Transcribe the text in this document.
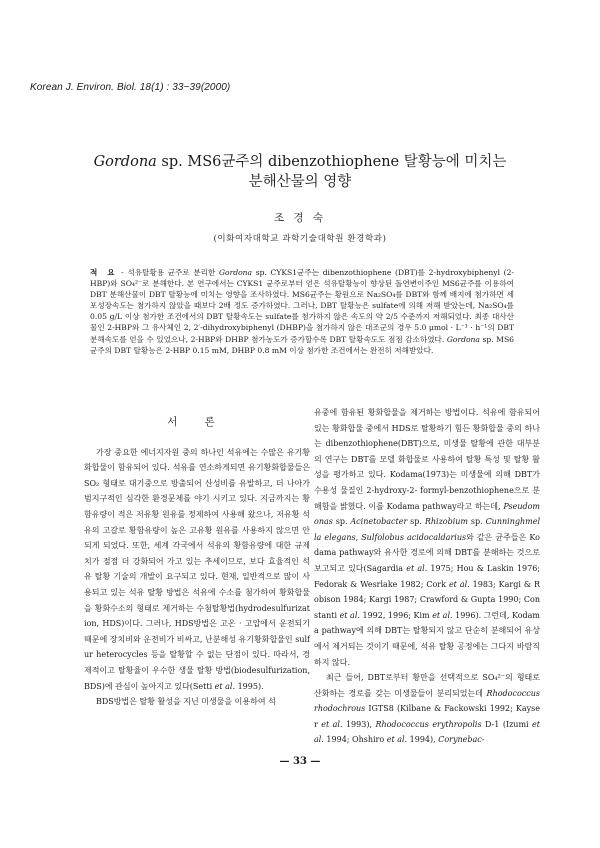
Korean J. Environ. Biol. 18(1) : 33~39(2000)
Gordona sp. MS6균주의 dibenzothiophene 탈황능에 미치는
분해산물의 영향
조 경 숙
(이화여자대학교 과학기술대학원 환경학과)
적 요 - 석유탈황용 균주로 분리한 Gordona sp. CYKS1균주는 dibenzothiophene (DBT)를 2-hydroxybiphenyl (2-HBP)와 SO₄²⁻로 분해한다. 본 연구에서는 CYKS1 균주로부터 얻은 석유탈황능이 향상된 돌연변이주인 MS6균주를 이용하여 DBT 분해산물이 DBT 탈황능에 미치는 영향을 조사하였다. MS6균주는 황원으로 Na₂SO₄를 DBT와 함께 배지에 첨가하면 세포성장속도는 첨가하지 않았을 때보다 2배 정도 증가하였다. 그러나, DBT 탈황능은 sulfate에 의해 저해 받았는데, Na₂SO₄를 0.05 g/L 이상 첨가한 조건에서의 DBT 탈황속도는 sulfate를 첨가하지 않은 속도의 약 2/5 수준까지 저해되었다. 최종 대사산물인 2-HBP와 그 유사체인 2, 2′-dihydroxybiphenyl (DHBP)을 첨가하지 않은 대조군의 경우 5.0 μmol · L⁻¹ · h⁻¹의 DBT 분해속도를 얻을 수 있었으나, 2-HBP와 DHBP 첨가농도가 증가할수록 DBT 탈황속도도 점점 감소하였다. Gordona sp. MS6균주의 DBT 탈황능은 2-HBP 0.15 mM, DHBP 0.8 mM 이상 첨가한 조건에서는 완전히 저해받았다.
서 론

가장 중요한 에너지자원 중의 하나인 석유에는 수많은 유기황화합물이 함유되어 있다. 석유를 연소하게되면 유기황화합물들은 SO₂ 형태로 대기중으로 방출되어 산성비를 유발하고, 더 나아가 범지구적인 심각한 환경문제를 야기 시키고 있다. 지금까지는 황함유량이 적은 저유황 원유를 정제하여 사용해 왔으나, 저유황 석유의 고갈로 황함유량이 높은 고유황 원유를 사용하지 않으면 안되게 되었다. 또한, 세계 각국에서 석유의 황함유량에 대한 규제치가 점점 더 강화되어 가고 있는 추세이므로, 보다 효율적인 석유 탈황 기술의 개발이 요구되고 있다. 현재, 일반적으로 많이 사용되고 있는 석유 탈황 방법은 석유에 수소를 첨가하여 황화합물을 황화수소의 형태로 제거하는 수첨탈황법(hydrodesulfurization, HDS)이다. 그러나, HDS방법은 고온 · 고압에서 운전되기 때문에 장치비와 운전비가 비싸고, 난분해성 유기황화합물인 sulfur heterocycles 등을 탈황할 수 없는 단점이 있다. 따라서, 경제적이고 탈황율이 우수한 생물 탈황 방법(biodesulfurization, BDS)에 관심이 높아지고 있다(Setti et al. 1995).

BDS방법은 탈황 활성을 지닌 미생물을 이용하여 석

유중에 함유된 황화합물을 제거하는 방법이다. 석유에 함유되어 있는 황화합물 중에서 HDS로 탈황하기 힘든 황화합물 중의 하나는 dibenzothiophene(DBT)으로, 미생물 탈황에 관한 대부분의 연구는 DBT를 모델 화합물로 사용하여 탈황 특성 및 탈황 활성을 평가하고 있다. Kodama(1973)는 미생물에 의해 DBT가 수용성 물질인 2-hydroxy-2- formyl-benzothiophene으로 분해함을 밝혔다. 이를 Kodama pathway라고 하는데, Pseudomonas sp. Acinetobacter sp. Rhizobium sp. Cunninghmella elegans, Sulfolobus acidocaldarius와 같은 균주들은 Kodama pathway와 유사한 경로에 의해 DBT를 분해하는 것으로 보고되고 있다(Sagardia et al. 1975; Hou & Laskin 1976; Fedorak & Wesrlake 1982; Cork et al. 1983; Kargi & Robison 1984; Kargi 1987; Crawford & Gupta 1990; Constanti et al. 1992, 1996; Kim et al. 1996). 그런데, Kodama pathway에 의해 DBT는 탈황되지 않고 단순히 분해되어 유상에서 제거되는 것이기 때문에, 석유 탈황 공정에는 그다지 바람직하지 않다.

최근 들어, DBT로부터 황만을 선택적으로 SO₄²⁻의 형태로 산화하는 경로를 갖는 미생물들이 분리되었는데 Rhodococcus rhodochrous IGTS8 (Kilbane & Fackowski 1992; Kayser et al. 1993), Rhodococcus erythropolis D-1 (Izumi et al. 1994; Ohshiro et al. 1994), Corynebac-

— 33 —
